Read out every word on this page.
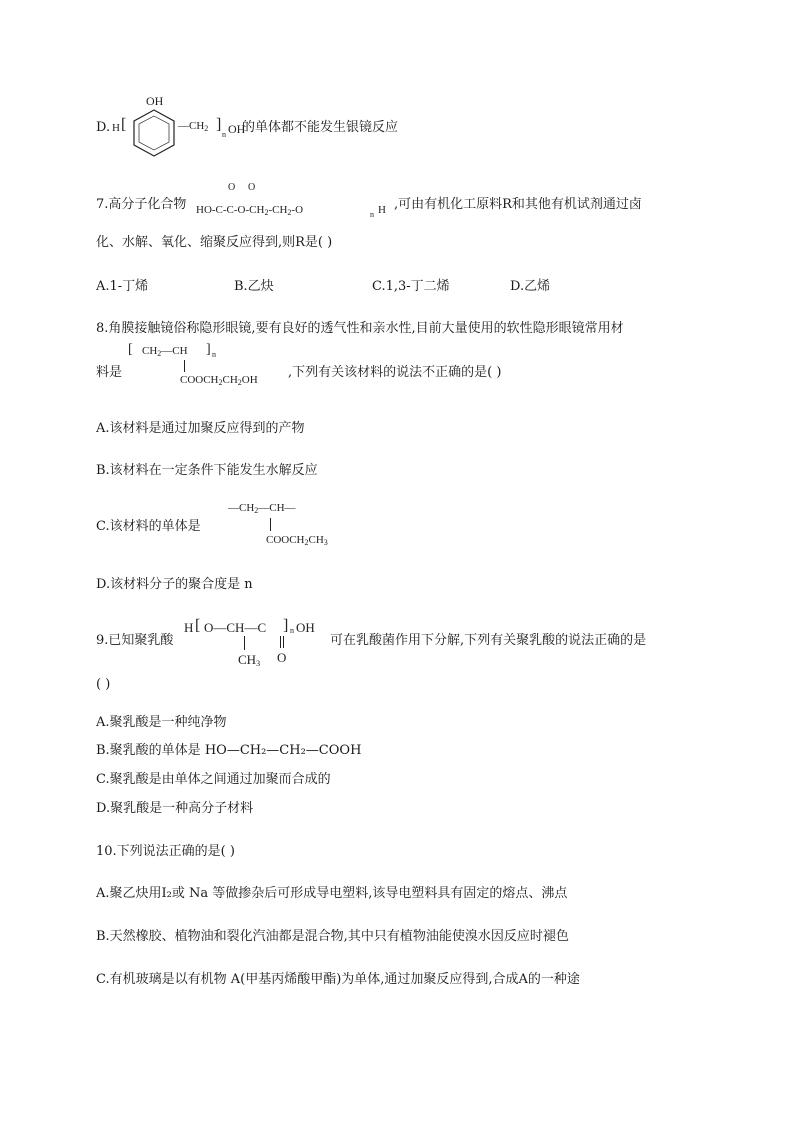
D.
OH
H [	$—CH_2$ ]
n OH
的单体都不能发生银镜反应
7.高分子化合物
O O
$HO-C-C-O-CH_2-CH_2-O$	n H ,可由有机化工原料R和其他有机试剂通过卤
化、水解、氧化、缩聚反应得到,则R是( )
A.1-丁烯	B.乙炔	C.1,3-丁二烯	D.乙烯
8.角膜接触镜俗称隐形眼镜,要有良好的透气性和亲水性,目前大量使用的软性隐形眼镜常用材
料是
[ $CH_2—CH$ ] n
$COOCH_2CH_2OH$ ,下列有关该材料的说法不正确的是( )
A.该材料是通过加聚反应得到的产物
B.该材料在一定条件下能发生水解反应
C.该材料的单体是
$—CH_2—CH—$
$COOCH_2CH_3$
D.该材料分子的聚合度是 n
9.已知聚乳酸
H [ O—CH—C ] n OH
$CH_3$ O
可在乳酸菌作用下分解,下列有关聚乳酸的说法正确的是
( )
A.聚乳酸是一种纯净物
B.聚乳酸的单体是 HO—CH₂—CH₂—COOH
C.聚乳酸是由单体之间通过加聚而合成的
D.聚乳酸是一种高分子材料
10.下列说法正确的是( )
A.聚乙炔用I₂或 Na 等做掺杂后可形成导电塑料,该导电塑料具有固定的熔点、沸点
B.天然橡胶、植物油和裂化汽油都是混合物,其中只有植物油能使溴水因反应时褪色
C.有机玻璃是以有机物 A(甲基丙烯酸甲酯)为单体,通过加聚反应得到,合成A的一种途
